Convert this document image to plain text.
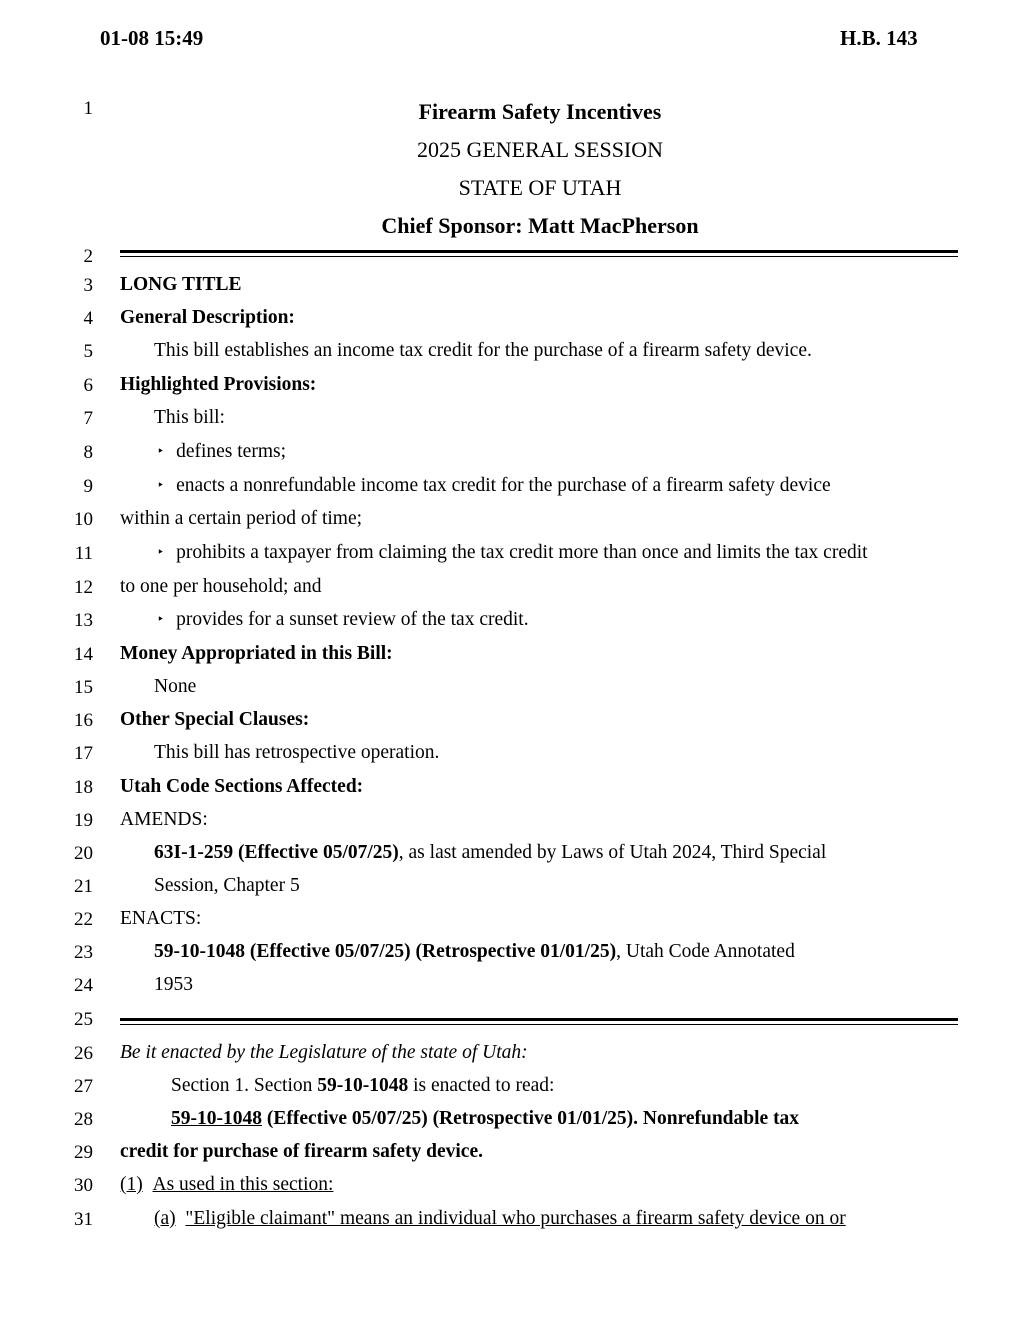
01-08 15:49	H.B. 143
1
2
3
4
5
6
7
8
9
10
11
12
13
14
15
16
17
18
19
20
21
22
23
24
25
26
27
28
29
30
31
Firearm Safety Incentives
2025 GENERAL SESSION
STATE OF UTAH
Chief Sponsor: Matt MacPherson
LONG TITLE
General Description:
This bill establishes an income tax credit for the purchase of a firearm safety device.
Highlighted Provisions:
This bill:
‣ defines terms;
‣ enacts a nonrefundable income tax credit for the purchase of a firearm safety device
within a certain period of time;
‣ prohibits a taxpayer from claiming the tax credit more than once and limits the tax credit
to one per household; and
‣ provides for a sunset review of the tax credit.
Money Appropriated in this Bill:
None
Other Special Clauses:
This bill has retrospective operation.
Utah Code Sections Affected:
AMENDS:
63I-1-259 (Effective 05/07/25), as last amended by Laws of Utah 2024, Third Special
Session, Chapter 5
ENACTS:
59-10-1048 (Effective 05/07/25) (Retrospective 01/01/25), Utah Code Annotated
1953
Be it enacted by the Legislature of the state of Utah:
Section 1. Section 59-10-1048 is enacted to read:
59-10-1048 (Effective 05/07/25) (Retrospective 01/01/25). Nonrefundable tax
credit for purchase of firearm safety device.
(1) As used in this section:
(a) "Eligible claimant" means an individual who purchases a firearm safety device on or
